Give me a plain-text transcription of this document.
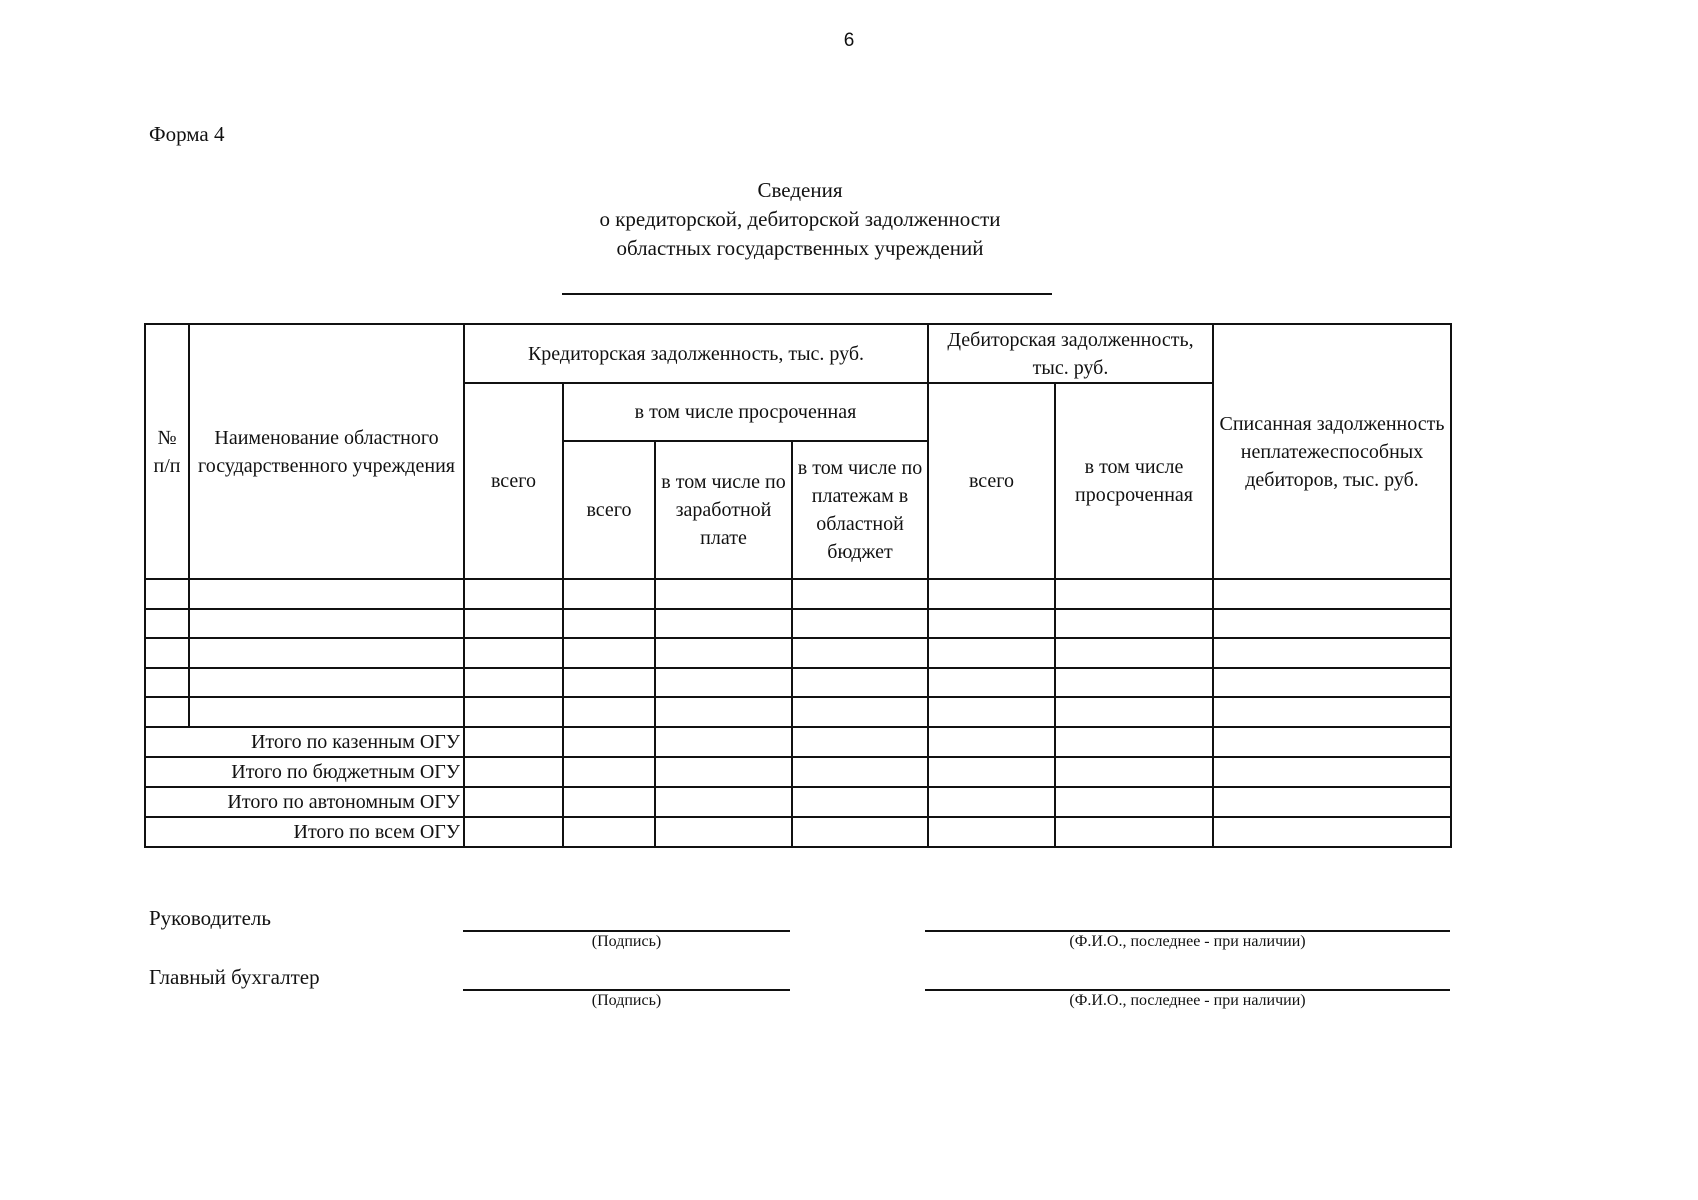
6
Форма 4
Сведения
о кредиторской, дебиторской задолженности
областных государственных учреждений
№ п/п	Наименование областного государственного учреждения	Кредиторская задолженность, тыс. руб.				Дебиторская задолженность, тыс. руб.		Списанная задолженность неплатежеспособных дебиторов, тыс. руб.
		всего	в том числе просроченная			всего	в том числе просроченная	
			всего	в том числе по заработной плате	в том числе по платежам в областной бюджет			

Итого по казенным ОГУ								
Итого по бюджетным ОГУ								
Итого по автономным ОГУ								
Итого по всем ОГУ								
Руководитель
(Подпись)	(Ф.И.О., последнее - при наличии)
Главный бухгалтер
(Подпись)	(Ф.И.О., последнее - при наличии)
